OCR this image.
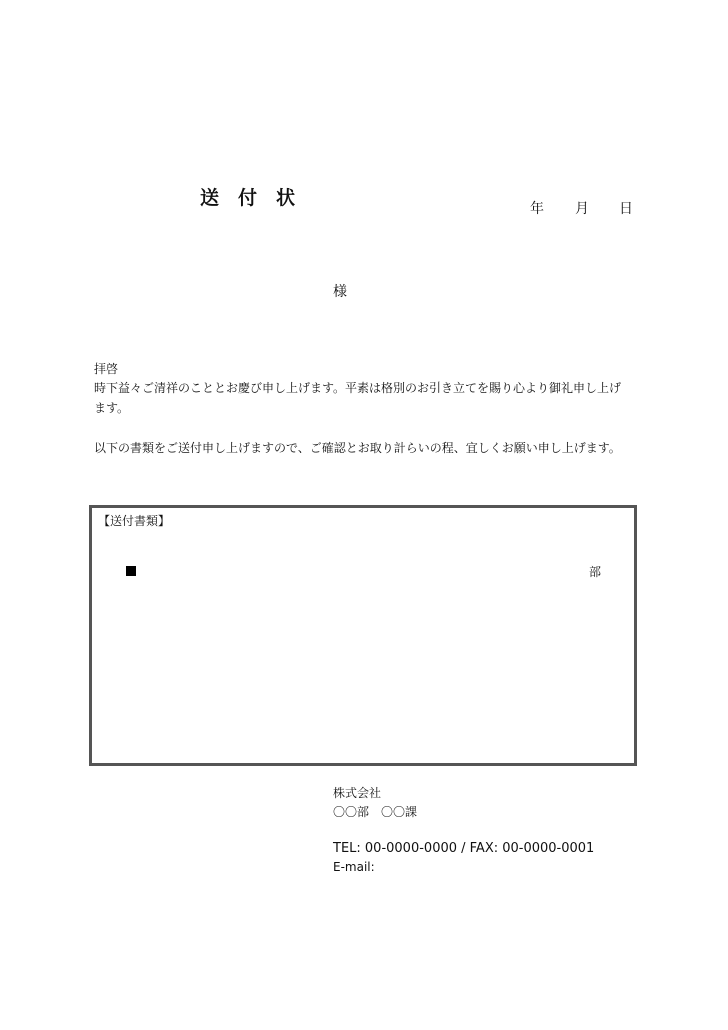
送付状	年 月 日
様
拝啓
時下益々ご清祥のこととお慶び申し上げます。平素は格別のお引き立てを賜り心より御礼申し上げ
ます。
以下の書類をご送付申し上げますので、ご確認とお取り計らいの程、宜しくお願い申し上げます。
【送付書類】
部
株式会社
〇〇部　〇〇課
TEL: 00-0000-0000 / FAX: 00-0000-0001
E-mail:
